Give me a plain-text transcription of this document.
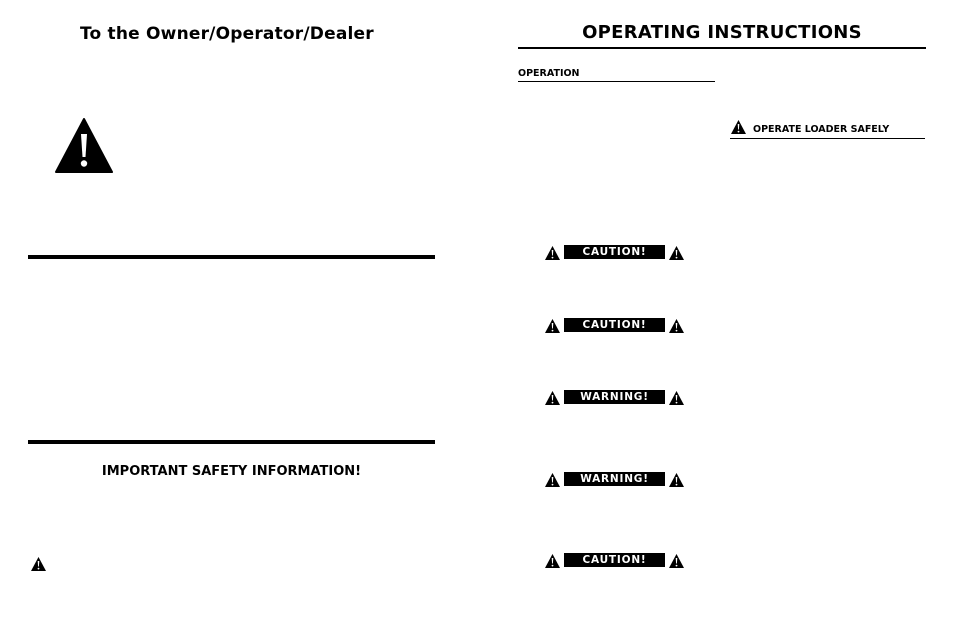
To the Owner/Operator/Dealer
IMPORTANT SAFETY INFORMATION!
OPERATING INSTRUCTIONS
OPERATION
OPERATE LOADER SAFELY
CAUTION!
CAUTION!
WARNING!
WARNING!
CAUTION!
